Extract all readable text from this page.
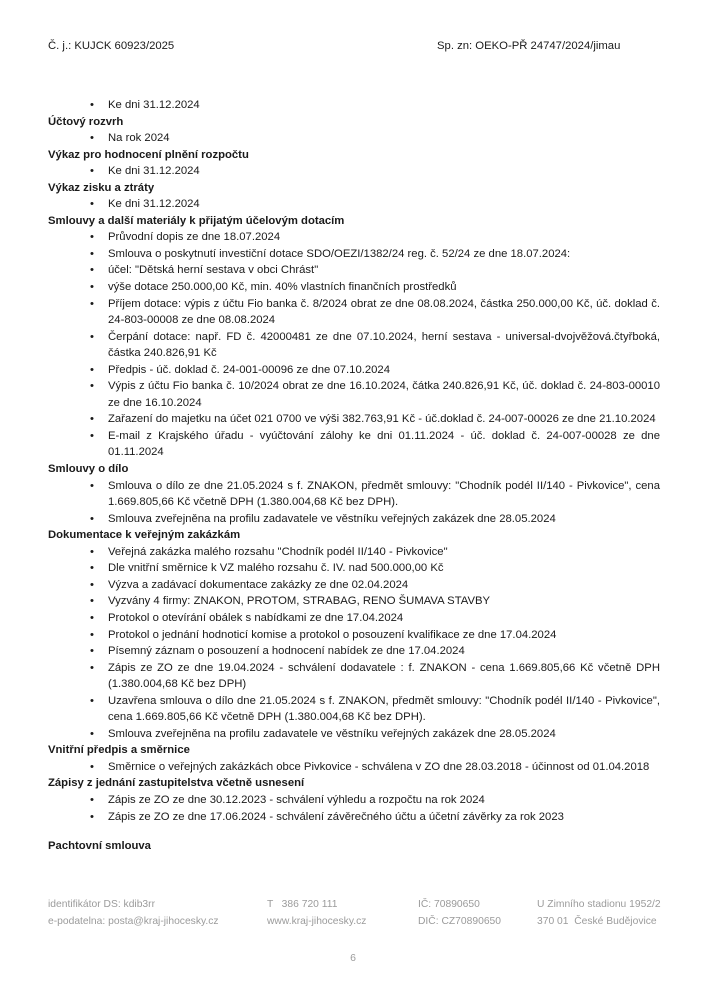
Č. j.: KUJCK 60923/2025	Sp. zn: OEKO-PŘ 24747/2024/jimau
•	Ke dni 31.12.2024
Účtový rozvrh
•	Na rok 2024
Výkaz pro hodnocení plnění rozpočtu
•	Ke dni 31.12.2024
Výkaz zisku a ztráty
•	Ke dni 31.12.2024
Smlouvy a další materiály k přijatým účelovým dotacím
•	Průvodní dopis ze dne 18.07.2024
•	Smlouva o poskytnutí investiční dotace SDO/OEZI/1382/24 reg. č. 52/24 ze dne 18.07.2024:
•	účel: "Dětská herní sestava v obci Chrást"
•	výše dotace 250.000,00 Kč, min. 40% vlastních finančních prostředků
•	Příjem dotace: výpis z účtu Fio banka č. 8/2024 obrat ze dne 08.08.2024, částka 250.000,00 Kč, úč. doklad č. 24-803-00008 ze dne 08.08.2024
•	Čerpání dotace: např. FD č. 42000481 ze dne 07.10.2024, herní sestava - universal-dvojvěžová.čtyřboká, částka 240.826,91 Kč
•	Předpis - úč. doklad č. 24-001-00096 ze dne 07.10.2024
•	Výpis z účtu Fio banka č. 10/2024 obrat ze dne 16.10.2024, čátka 240.826,91 Kč, úč. doklad č. 24-803-00010 ze dne 16.10.2024
•	Zařazení do majetku na účet 021 0700 ve výši 382.763,91 Kč - úč.doklad č. 24-007-00026 ze dne 21.10.2024
•	E-mail z Krajského úřadu - vyúčtování zálohy ke dni 01.11.2024 - úč. doklad č. 24-007-00028 ze dne 01.11.2024
Smlouvy o dílo
•	Smlouva o dílo ze dne 21.05.2024 s f. ZNAKON, předmět smlouvy: "Chodník podél II/140 - Pivkovice", cena 1.669.805,66 Kč včetně DPH (1.380.004,68 Kč bez DPH).
•	Smlouva zveřejněna na profilu zadavatele ve věstníku veřejných zakázek dne 28.05.2024
Dokumentace k veřejným zakázkám
•	Veřejná zakázka malého rozsahu "Chodník podél II/140 - Pivkovice"
•	Dle vnitřní směrnice k VZ malého rozsahu č. IV. nad 500.000,00 Kč
•	Výzva a zadávací dokumentace zakázky ze dne 02.04.2024
•	Vyzvány 4 firmy: ZNAKON, PROTOM, STRABAG, RENO ŠUMAVA STAVBY
•	Protokol o otevírání obálek s nabídkami ze dne 17.04.2024
•	Protokol o jednání hodnoticí komise a protokol o posouzení kvalifikace ze dne 17.04.2024
•	Písemný záznam o posouzení a hodnocení nabídek ze dne 17.04.2024
•	Zápis ze ZO ze dne 19.04.2024 - schválení dodavatele : f. ZNAKON - cena 1.669.805,66 Kč včetně DPH (1.380.004,68 Kč bez DPH)
•	Uzavřena smlouva o dílo dne 21.05.2024 s f. ZNAKON, předmět smlouvy: "Chodník podél II/140 - Pivkovice", cena 1.669.805,66 Kč včetně DPH (1.380.004,68 Kč bez DPH).
•	Smlouva zveřejněna na profilu zadavatele ve věstníku veřejných zakázek dne 28.05.2024
Vnitřní předpis a směrnice
•	Směrnice o veřejných zakázkách obce Pivkovice - schválena v ZO dne 28.03.2018 - účinnost od 01.04.2018
Zápisy z jednání zastupitelstva včetně usnesení
•	Zápis ze ZO ze dne 30.12.2023 - schválení výhledu a rozpočtu na rok 2024
•	Zápis ze ZO ze dne 17.06.2024 - schválení závěrečného účtu a účetní závěrky za rok 2023
Pachtovní smlouva
identifikátor DS: kdib3rr
e-podatelna: posta@kraj-jihocesky.cz
T   386 720 111
www.kraj-jihocesky.cz
IČ: 70890650
DIČ: CZ70890650
U Zimního stadionu 1952/2
370 01  České Budějovice
6
